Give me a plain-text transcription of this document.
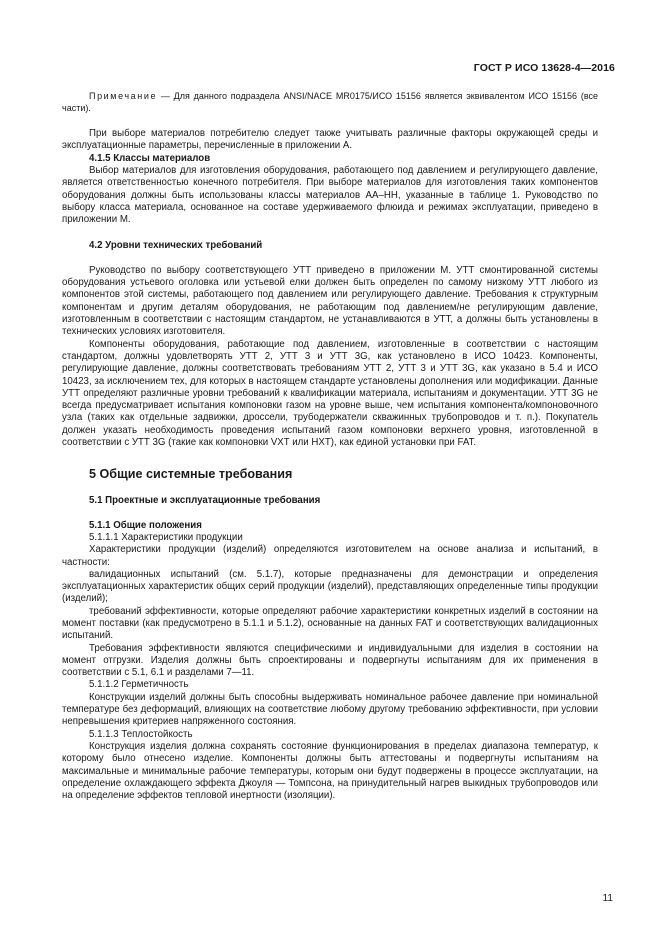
ГОСТ Р ИСО 13628-4—2016

Примечание — Для данного подраздела ANSI/NACE MR0175/ИСО 15156 является эквивалентом ИСО 15156 (все части).

При выборе материалов потребителю следует также учитывать различные факторы окружающей среды и эксплуатационные параметры, перечисленные в приложении А.

4.1.5 Классы материалов

Выбор материалов для изготовления оборудования, работающего под давлением и регулирующего давление, является ответственностью конечного потребителя. При выборе материалов для изготовления таких компонентов оборудования должны быть использованы классы материалов АА–НН, указанные в таблице 1. Руководство по выбору класса материала, основанное на составе удерживаемого флюида и режимах эксплуатации, приведено в приложении М.

4.2 Уровни технических требований

Руководство по выбору соответствующего УТТ приведено в приложении М. УТТ смонтированной системы оборудования устьевого оголовка или устьевой елки должен быть определен по самому низкому УТТ любого из компонентов этой системы, работающего под давлением или регулирующего давление. Требования к структурным компонентам и другим деталям оборудования, не работающим под давлением/не регулирующим давление, изготовленным в соответствии с настоящим стандартом, не устанавливаются в УТТ, а должны быть установлены в технических условиях изготовителя.

Компоненты оборудования, работающие под давлением, изготовленные в соответствии с настоящим стандартом, должны удовлетворять УТТ 2, УТТ 3 и УТТ 3G, как установлено в ИСО 10423. Компоненты, регулирующие давление, должны соответствовать требованиям УТТ 2, УТТ 3 и УТТ 3G, как указано в 5.4 и ИСО 10423, за исключением тех, для которых в настоящем стандарте установлены дополнения или модификации. Данные УТТ определяют различные уровни требований к квалификации материала, испытаниям и документации. УТТ 3G не всегда предусматривает испытания компоновки газом на уровне выше, чем испытания компонента/компоновочного узла (таких как отдельные задвижки, дроссели, трубодержатели скважинных трубопроводов и т. п.). Покупатель должен указать необходимость проведения испытаний газом компоновки верхнего уровня, изготовленной в соответствии с УТТ 3G (такие как компоновки VXT или HXT), как единой установки при FAT.

5 Общие системные требования

5.1 Проектные и эксплуатационные требования

5.1.1 Общие положения

5.1.1.1 Характеристики продукции

Характеристики продукции (изделий) определяются изготовителем на основе анализа и испытаний, в частности:

валидационных испытаний (см. 5.1.7), которые предназначены для демонстрации и определения эксплуатационных характеристик общих серий продукции (изделий), представляющих определенные типы продукции (изделий);

требований эффективности, которые определяют рабочие характеристики конкретных изделий в состоянии на момент поставки (как предусмотрено в 5.1.1 и 5.1.2), основанные на данных FAT и соответствующих валидационных испытаний.

Требования эффективности являются специфическими и индивидуальными для изделия в состоянии на момент отгрузки. Изделия должны быть спроектированы и подвергнуты испытаниям для их применения в соответствии с 5.1, 6.1 и разделами 7—11.

5.1.1.2 Герметичность

Конструкции изделий должны быть способны выдерживать номинальное рабочее давление при номинальной температуре без деформаций, влияющих на соответствие любому другому требованию эффективности, при условии непревышения критериев напряженного состояния.

5.1.1.3 Теплостойкость

Конструкция изделия должна сохранять состояние функционирования в пределах диапазона температур, к которому было отнесено изделие. Компоненты должны быть аттестованы и подвергнуты испытаниям на максимальные и минимальные рабочие температуры, которым они будут подвержены в процессе эксплуатации, на определение охлаждающего эффекта Джоуля — Томпсона, на принудительный нагрев выкидных трубопроводов или на определение эффектов тепловой инертности (изоляции).

11
